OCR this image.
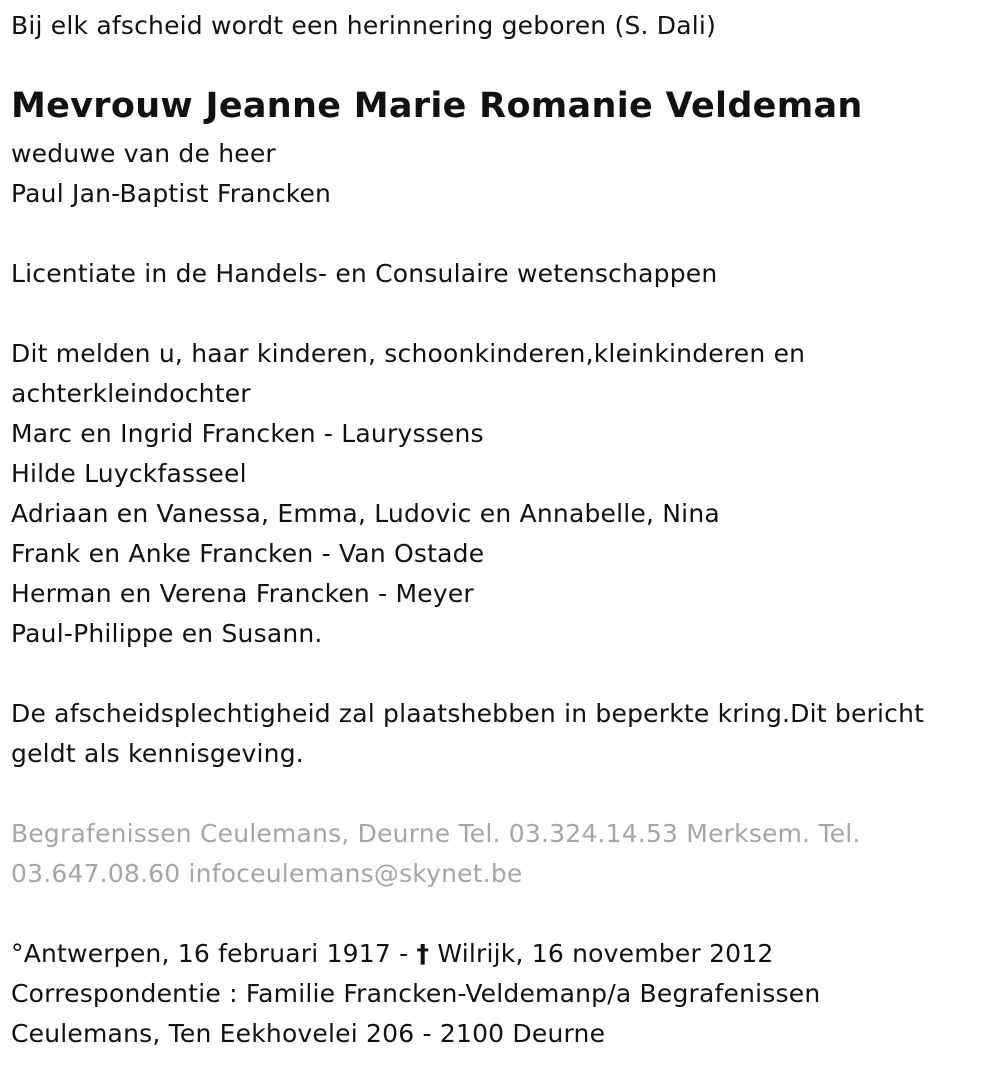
Bij elk afscheid wordt een herinnering geboren (S. Dali)
Mevrouw Jeanne Marie Romanie Veldeman
weduwe van de heer
Paul Jan-Baptist Francken
Licentiate in de Handels- en Consulaire wetenschappen
Dit melden u, haar kinderen, schoonkinderen,kleinkinderen en
achterkleindochter
Marc en Ingrid Francken - Lauryssens
Hilde Luyckfasseel
Adriaan en Vanessa, Emma, Ludovic en Annabelle, Nina
Frank en Anke Francken - Van Ostade
Herman en Verena Francken - Meyer
Paul-Philippe en Susann.
De afscheidsplechtigheid zal plaatshebben in beperkte kring.Dit bericht
geldt als kennisgeving.
Begrafenissen Ceulemans, Deurne Tel. 03.324.14.53 Merksem. Tel.
03.647.08.60 infoceulemans@skynet.be
°Antwerpen, 16 februari 1917 - † Wilrijk, 16 november 2012
Correspondentie : Familie Francken-Veldemanp/a Begrafenissen
Ceulemans, Ten Eekhovelei 206 - 2100 Deurne
